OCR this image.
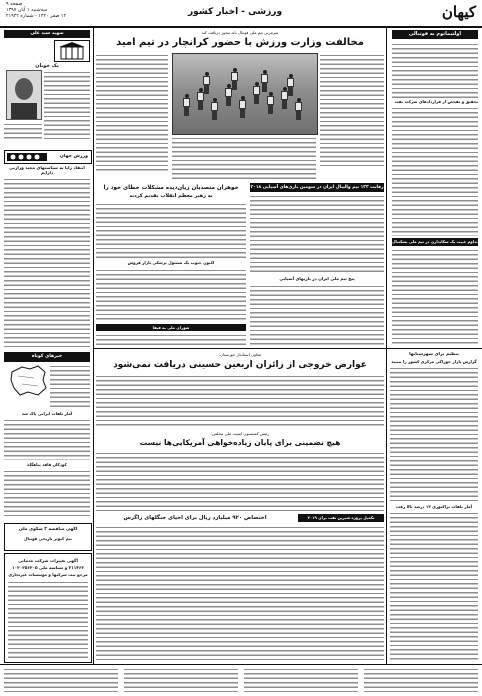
کیهان
ورزشی - اخبار کشور
صفحه ۹
سه‌شنبه ۱ آبان ۱۳۹۷
۱۴ صفر ۱۴۴۰ - شماره ۲۱۹۴۲
اولتیماتوم به فوتبالی
تحقیق و تفحص از قراردادهای شرکت نفت
تداوم غیبت یک سکانداری در تیم ملی بسکتبال
شهید سید علی
یک خوبان
ورزش جهان
انتقاد رانا به سیاستهای مجید وزارتی دارایم
خبرهای کوتاه
آمار تلفات ایرانی پاک شد
کودکان فاقد پناهگاه
آگهی مناقصه ۳ سکوی ملی
تیم کبوتر تاریخی فوتبال
آگهی تغییرات شرکت خدماتی
۲۱۱۴۶۳ و شناسه ملی ۱۰۲۰۲۵۶۳۰۵
مرجع ثبت شرکتها و موسسات غیرتجاری
سرمربی تیم ملی فوتبال باید مجوز دریافت کند
مخالفت وزارت ورزش با حضور کرانچار در تیم امید
رقابت ۱۳۳ تیم والیبال ایران در سومین بازی‌های آسیایی ۲۰۱۸
پنج تیم ملی ایران در بازیهای آسیایی
خوهران متصدیان زیان‌دیده مشکلات خطای خود را
به رهبر معظم انقلاب تقدیم کردند
اکنون جنوب یک مسئول پزشکی بازار فروش
شورای ملی به فیفا
معاون استاندار خوزستان:
عوارض خروجی از زائران اربعین حسینی دریافت نمی‌شود
رئیس کمیسیون امنیت ملی مجلس:
هیچ تضمینی برای پایان زیاده‌خواهی آمریکایی‌ها نیست
اختصاص ۹۲۰ میلیارد ریال برای احیای جنگلهای زاگرس	تکمیل پروژه شیرین نفت برای ۲۰۱۹
تنظیم برای شهرستانها
گزارش بازار خوراکی مرکزی کشور را نبینید
آمار تلفات تراکتوری ۱۴ درصد بالا رفت
